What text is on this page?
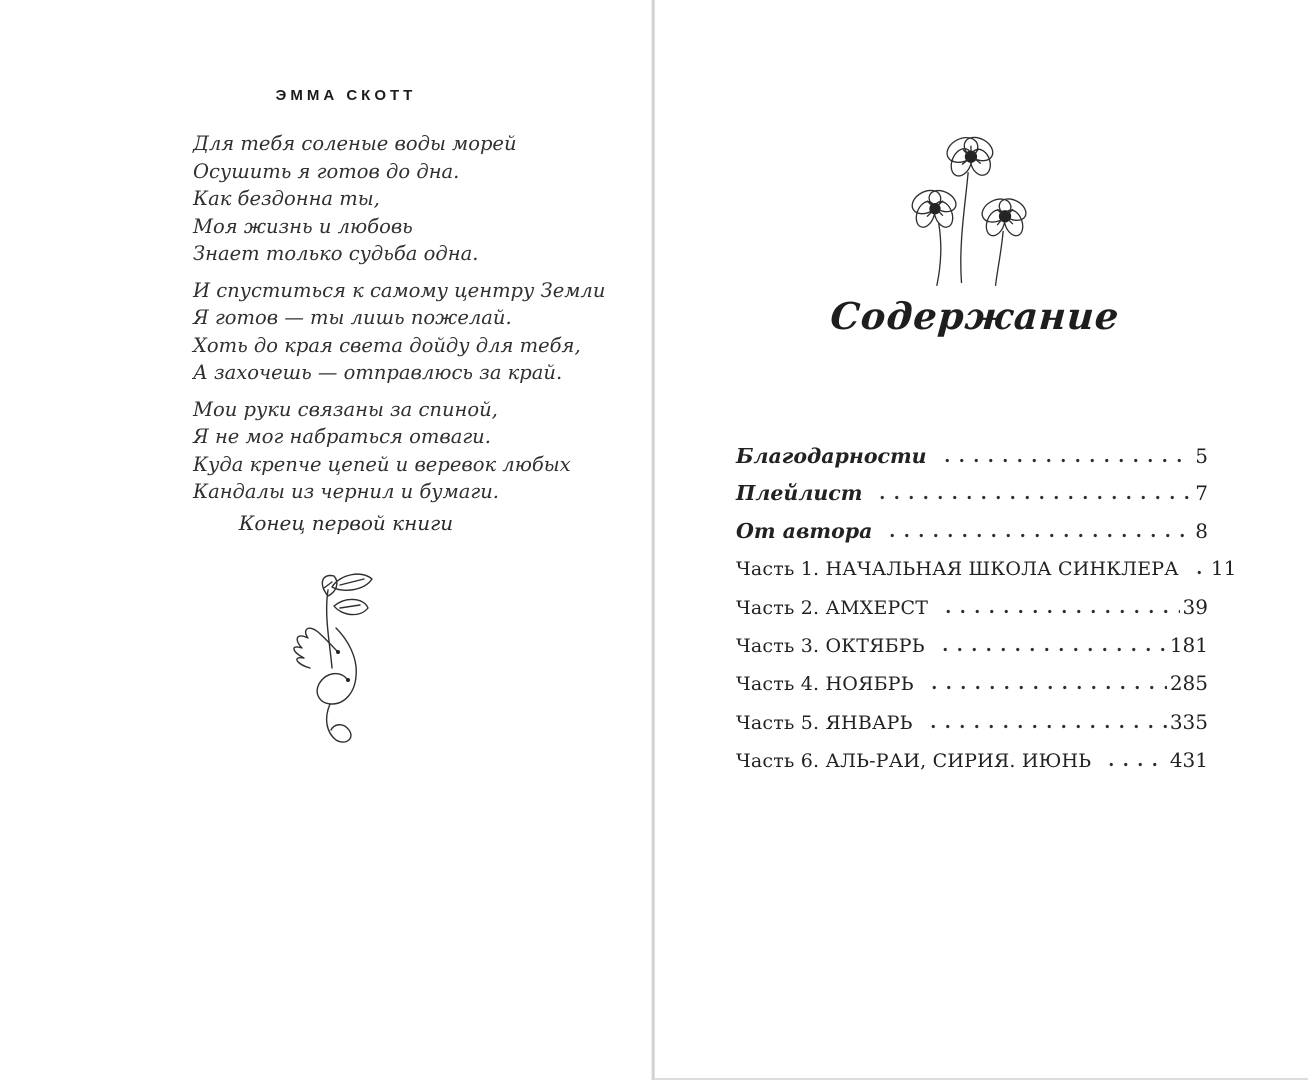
ЭММА СКОТТ
Для тебя соленые воды морей
Осушить я готов до дна.
Как бездонна ты,
Моя жизнь и любовь
Знает только судьба одна.
И спуститься к самому центру Земли
Я готов — ты лишь пожелай.
Хоть до края света дойду для тебя,
А захочешь — отправлюсь за край.
Мои руки связаны за спиной,
Я не мог набраться отваги.
Куда крепче цепей и веревок любых
Кандалы из чернил и бумаги.
Конец первой книги
Содержание
Благодарности	5
Плейлист	7
От автора	8
Часть 1. НАЧАЛЬНАЯ ШКОЛА СИНКЛЕРА 11
Часть 2. АМХЕРСТ	39
Часть 3. ОКТЯБРЬ	181
Часть 4. НОЯБРЬ	285
Часть 5. ЯНВАРЬ	335
Часть 6. АЛЬ-РАИ, СИРИЯ. ИЮНЬ	431
